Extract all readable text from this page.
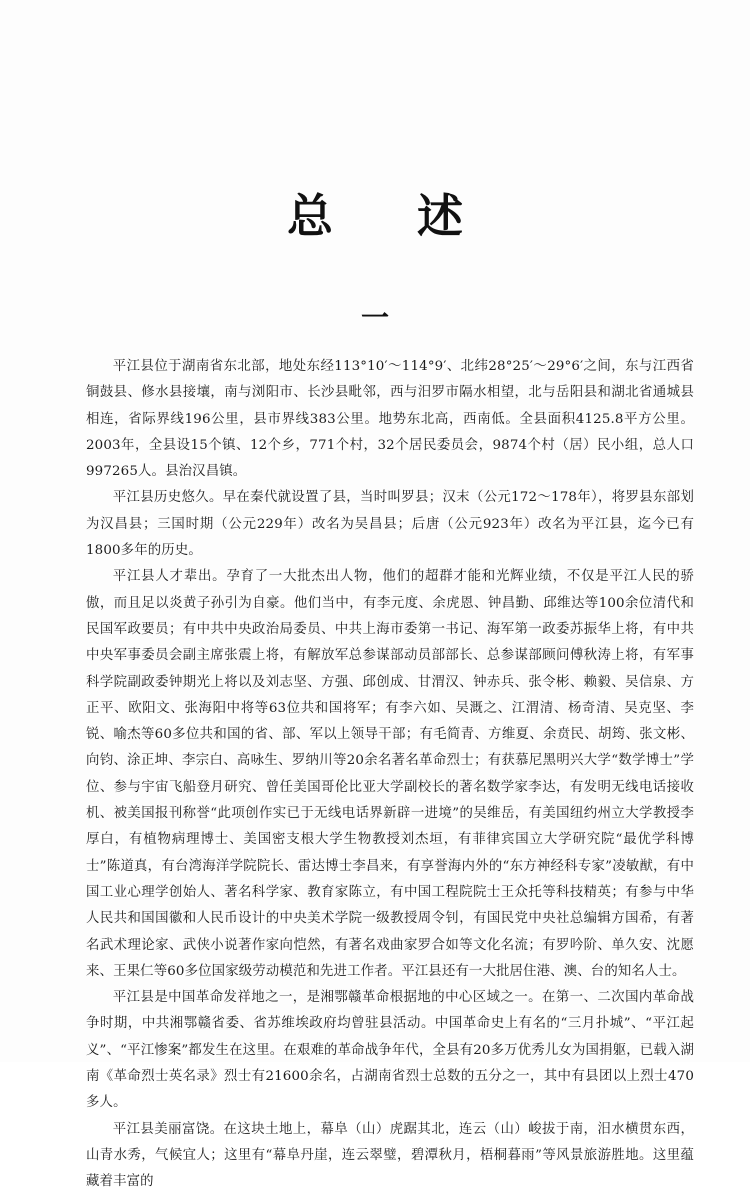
总 述
一

平江县位于湖南省东北部，地处东经113°10′～114°9′、北纬28°25′～29°6′之间，东与江西省铜鼓县、修水县接壤，南与浏阳市、长沙县毗邻，西与汨罗市隔水相望，北与岳阳县和湖北省通城县相连，省际界线196公里，县市界线383公里。地势东北高，西南低。全县面积4125.8平方公里。2003年，全县设15个镇、12个乡，771个村，32个居民委员会，9874个村（居）民小组，总人口997265人。县治汉昌镇。

平江县历史悠久。早在秦代就设置了县，当时叫罗县；汉末（公元172～178年），将罗县东部划为汉昌县；三国时期（公元229年）改名为吴昌县；后唐（公元923年）改名为平江县，迄今已有1800多年的历史。

平江县人才辈出。孕育了一大批杰出人物，他们的超群才能和光辉业绩，不仅是平江人民的骄傲，而且足以炎黄子孙引为自豪。他们当中，有李元度、余虎恩、钟昌勤、邱维达等100余位清代和民国军政要员；有中共中央政治局委员、中共上海市委第一书记、海军第一政委苏振华上将，有中共中央军事委员会副主席张震上将，有解放军总参谋部动员部部长、总参谋部顾问傅秋涛上将，有军事科学院副政委钟期光上将以及刘志坚、方强、邱创成、甘渭汉、钟赤兵、张令彬、赖毅、吴信泉、方正平、欧阳文、张海阳中将等63位共和国将军；有李六如、吴溉之、江渭清、杨奇清、吴克坚、李锐、喻杰等60多位共和国的省、部、军以上领导干部；有毛简青、方维夏、余贲民、胡筠、张文彬、向钧、涂正坤、李宗白、高咏生、罗纳川等20余名著名革命烈士；有获慕尼黑明兴大学“数学博士”学位、参与宇宙飞船登月研究、曾任美国哥伦比亚大学副校长的著名数学家李达，有发明无线电话接收机、被美国报刊称誉“此项创作实已于无线电话界新辟一进境”的吴维岳，有美国纽约州立大学教授李厚白，有植物病理博士、美国密支根大学生物教授刘杰垣，有菲律宾国立大学研究院“最优学科博士”陈道真，有台湾海洋学院院长、雷达博士李昌来，有享誉海内外的“东方神经科专家”凌敏猷，有中国工业心理学创始人、著名科学家、教育家陈立，有中国工程院院士王众托等科技精英；有参与中华人民共和国国徽和人民币设计的中央美术学院一级教授周令钊，有国民党中央社总编辑方国希，有著名武术理论家、武侠小说著作家向恺然，有著名戏曲家罗合如等文化名流；有罗吟阶、单久安、沈愿来、王果仁等60多位国家级劳动模范和先进工作者。平江县还有一大批居住港、澳、台的知名人士。

平江县是中国革命发祥地之一，是湘鄂赣革命根据地的中心区域之一。在第一、二次国内革命战争时期，中共湘鄂赣省委、省苏维埃政府均曾驻县活动。中国革命史上有名的“三月扑城”、“平江起义”、“平江惨案”都发生在这里。在艰难的革命战争年代，全县有20多万优秀儿女为国捐躯，已载入湖南《革命烈士英名录》烈士有21600余名，占湖南省烈士总数的五分之一，其中有县团以上烈士470多人。

平江县美丽富饶。在这块土地上，幕阜（山）虎踞其北，连云（山）峻拔于南，汨水横贯东西，山青水秀，气候宜人；这里有“幕阜丹崖，连云翠璧，碧潭秋月，梧桐暮雨”等风景旅游胜地。这里蕴藏着丰富的
